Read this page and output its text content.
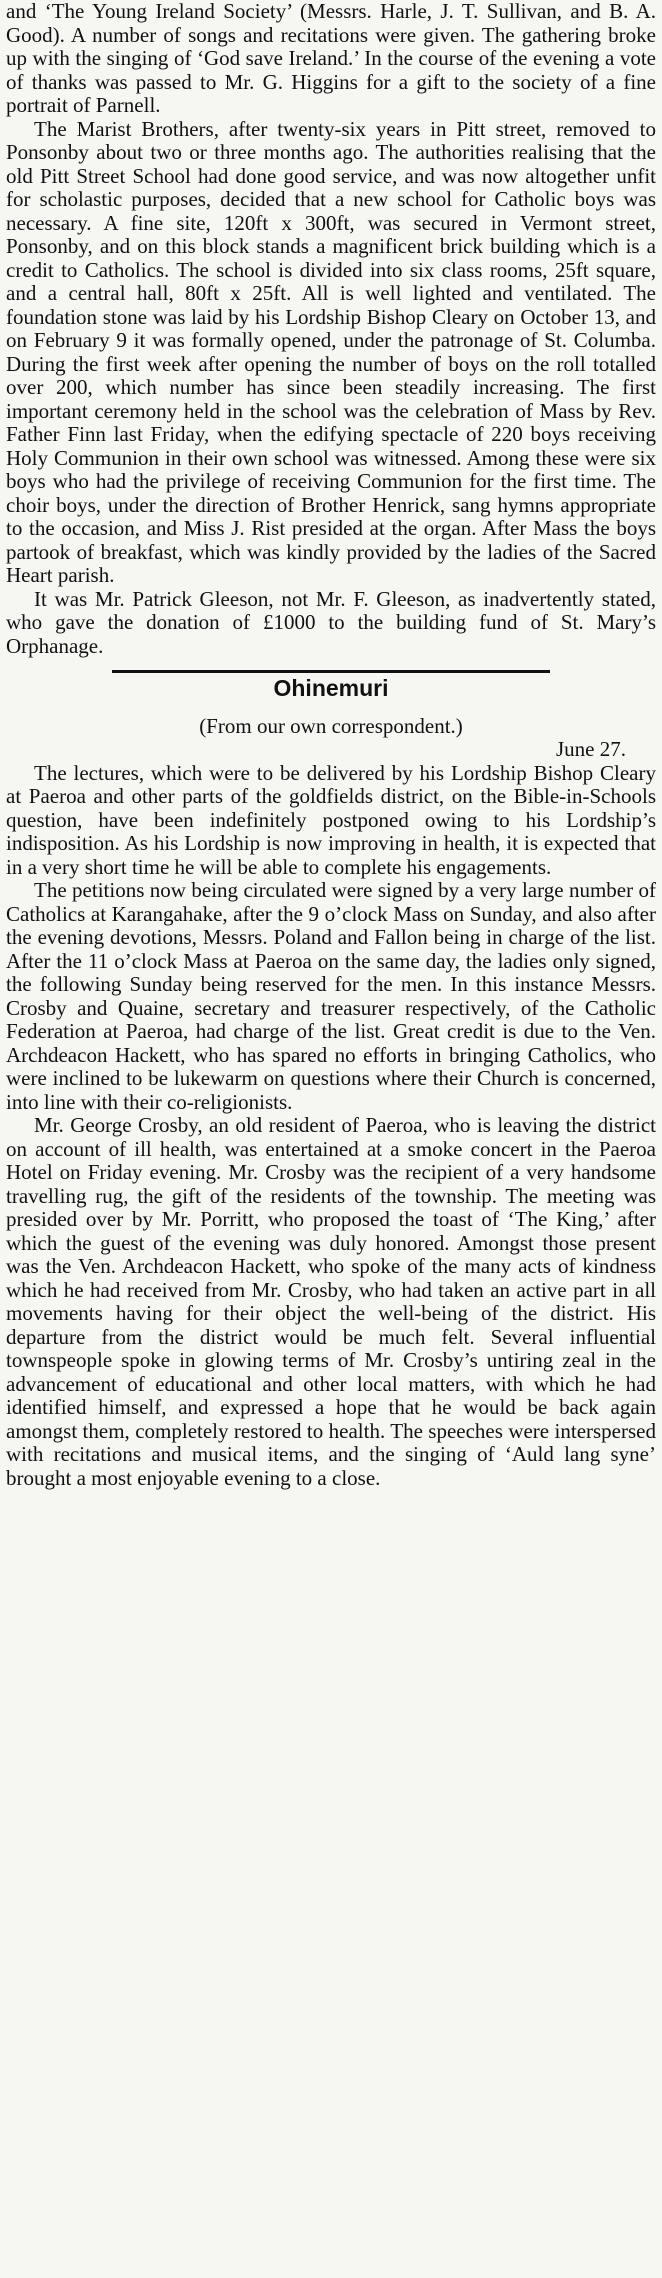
and ‘The Young Ireland Society’ (Messrs. Harle, J. T. Sullivan, and B. A. Good). A number of songs and recitations were given. The gathering broke up with the singing of ‘God save Ireland.’ In the course of the evening a vote of thanks was passed to Mr. G. Higgins for a gift to the society of a fine portrait of Parnell.

The Marist Brothers, after twenty-six years in Pitt street, removed to Ponsonby about two or three months ago. The authorities realising that the old Pitt Street School had done good service, and was now altogether unfit for scholastic purposes, decided that a new school for Catholic boys was necessary. A fine site, 120ft x 300ft, was secured in Vermont street, Ponsonby, and on this block stands a magnificent brick building which is a credit to Catholics. The school is divided into six class rooms, 25ft square, and a central hall, 80ft x 25ft. All is well lighted and ventilated. The foundation stone was laid by his Lordship Bishop Cleary on October 13, and on February 9 it was formally opened, under the patronage of St. Columba. During the first week after opening the number of boys on the roll totalled over 200, which number has since been steadily increasing. The first important ceremony held in the school was the celebration of Mass by Rev. Father Finn last Friday, when the edifying spectacle of 220 boys receiving Holy Communion in their own school was witnessed. Among these were six boys who had the privilege of receiving Communion for the first time. The choir boys, under the direction of Brother Henrick, sang hymns appropriate to the occasion, and Miss J. Rist presided at the organ. After Mass the boys partook of breakfast, which was kindly provided by the ladies of the Sacred Heart parish.

It was Mr. Patrick Gleeson, not Mr. F. Gleeson, as inadvertently stated, who gave the donation of £1000 to the building fund of St. Mary’s Orphanage.

Ohinemuri

(From our own correspondent.)

June 27.

The lectures, which were to be delivered by his Lordship Bishop Cleary at Paeroa and other parts of the goldfields district, on the Bible-in-Schools question, have been indefinitely postponed owing to his Lordship’s indisposition. As his Lordship is now improving in health, it is expected that in a very short time he will be able to complete his engagements.

The petitions now being circulated were signed by a very large number of Catholics at Karangahake, after the 9 o’clock Mass on Sunday, and also after the evening devotions, Messrs. Poland and Fallon being in charge of the list. After the 11 o’clock Mass at Paeroa on the same day, the ladies only signed, the following Sunday being reserved for the men. In this instance Messrs. Crosby and Quaine, secretary and treasurer respectively, of the Catholic Federation at Paeroa, had charge of the list. Great credit is due to the Ven. Archdeacon Hackett, who has spared no efforts in bringing Catholics, who were inclined to be lukewarm on questions where their Church is concerned, into line with their co-religionists.

Mr. George Crosby, an old resident of Paeroa, who is leaving the district on account of ill health, was entertained at a smoke concert in the Paeroa Hotel on Friday evening. Mr. Crosby was the recipient of a very handsome travelling rug, the gift of the residents of the township. The meeting was presided over by Mr. Porritt, who proposed the toast of ‘The King,’ after which the guest of the evening was duly honored. Amongst those present was the Ven. Archdeacon Hackett, who spoke of the many acts of kindness which he had received from Mr. Crosby, who had taken an active part in all movements having for their object the well-being of the district. His departure from the district would be much felt. Several influential townspeople spoke in glowing terms of Mr. Crosby’s untiring zeal in the advancement of educational and other local matters, with which he had identified himself, and expressed a hope that he would be back again amongst them, completely restored to health. The speeches were interspersed with recitations and musical items, and the singing of ‘Auld lang syne’ brought a most enjoyable evening to a close.
